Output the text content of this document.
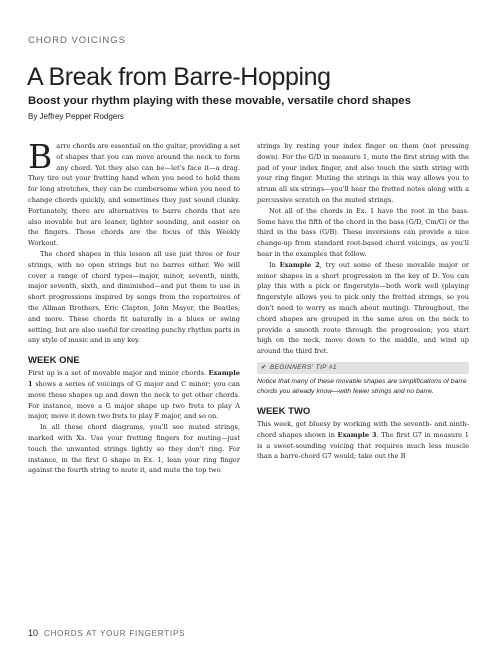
CHORD VOICINGS
A Break from Barre-Hopping
Boost your rhythm playing with these movable, versatile chord shapes
By Jeffrey Pepper Rodgers

Barre chords are essential on the guitar, providing a set of shapes that you can move around the neck to form any chord. Yet they also can be—let's face it—a drag. They tire out your fretting hand when you need to hold them for long stretches, they can be cumbersome when you need to change chords quickly, and sometimes they just sound clunky. Fortunately, there are alternatives to barre chords that are also movable but are leaner, lighter sounding, and easier on the fingers. Those chords are the focus of this Weekly Workout.

The chord shapes in this lesson all use just three or four strings, with no open strings but no barres either. We will cover a range of chord types—major, minor, seventh, ninth, major seventh, sixth, and diminished—and put them to use in short progressions inspired by songs from the repertoires of the Allman Brothers, Eric Clapton, John Mayer, the Beatles, and more. These chords fit naturally in a blues or swing setting, but are also useful for creating punchy rhythm parts in any style of music and in any key.

WEEK ONE

First up is a set of movable major and minor chords. Example 1 shows a series of voicings of G major and C minor; you can move these shapes up and down the neck to get other chords. For instance, move a G major shape up two frets to play A major, move it down two frets to play F major, and so on.

In all these chord diagrams, you'll see muted strings, marked with Xs. Use your fretting fingers for muting—just touch the unwanted strings lightly so they don't ring. For instance, in the first G shape in Ex. 1, lean your ring finger against the fourth string to mute it, and mute the top two

strings by resting your index finger on them (not pressing down). For the G/D in measure 1, mute the first string with the pad of your index finger, and also touch the sixth string with your ring finger. Muting the strings in this way allows you to strum all six strings—you'll hear the fretted notes along with a percussive scratch on the muted strings.

Not all of the chords in Ex. 1 have the root in the bass. Some have the fifth of the chord in the bass (G/D, Cm/G) or the third in the bass (G/B). These inversions can provide a nice change-up from standard root-based chord voicings, as you'll hear in the examples that follow.

In Example 2, try out some of these movable major or minor shapes in a short progression in the key of D. You can play this with a pick or fingerstyle—both work well (playing fingerstyle allows you to pick only the fretted strings, so you don't need to worry as much about muting). Throughout, the chord shapes are grouped in the same area on the neck to provide a smooth route through the progression; you start high on the neck, move down to the middle, and wind up around the third fret.

✔ BEGINNERS' TIP #1
Notice that many of these movable shapes are simplifications of barre chords you already know—with fewer strings and no barre.
WEEK TWO

This week, get bluesy by working with the seventh- and ninth-chord shapes shown in Example 3. The first G7 in measure 1 is a sweet-sounding voicing that requires much less muscle than a barre-chord G7 would; take out the B

10 CHORDS AT YOUR FINGERTIPS
